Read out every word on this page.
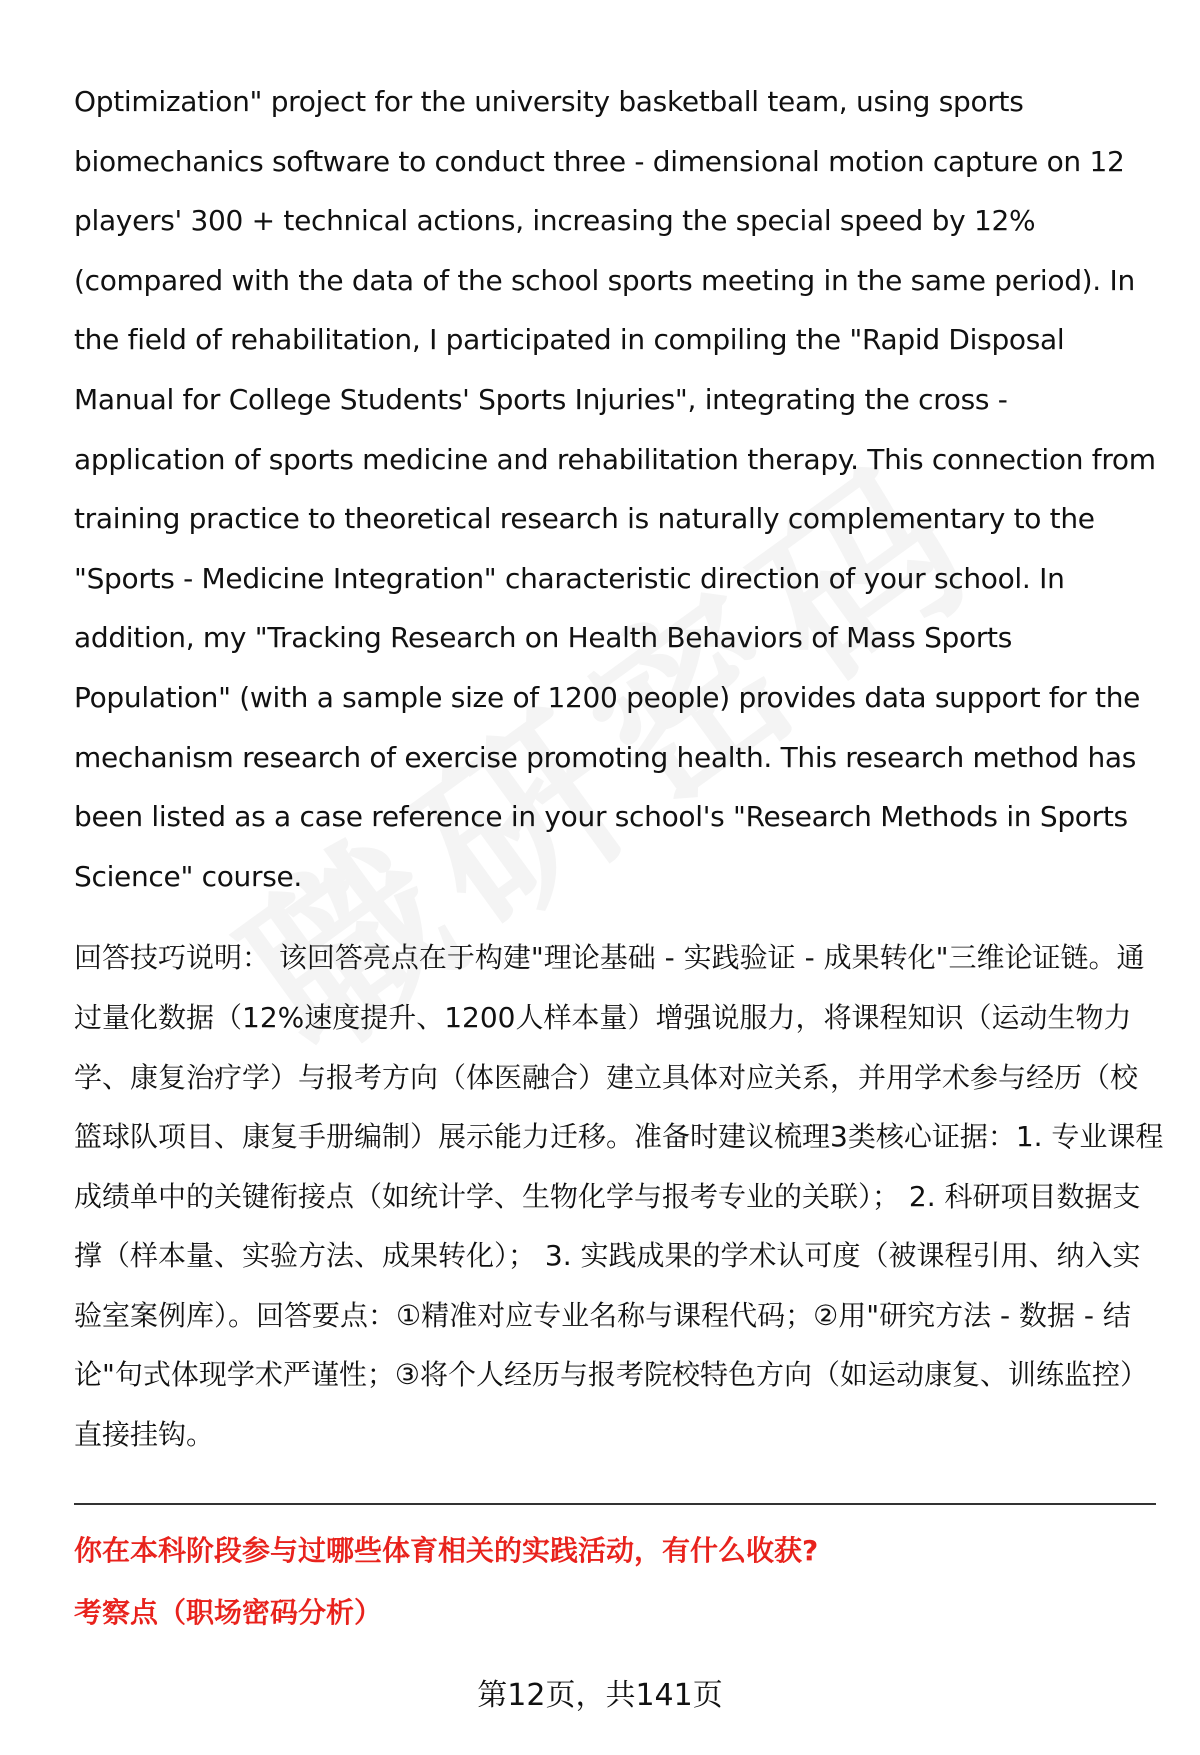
Optimization" project for the university basketball team, using sports biomechanics software to conduct three - dimensional motion capture on 12 players' 300 + technical actions, increasing the special speed by 12% (compared with the data of the school sports meeting in the same period). In the field of rehabilitation, I participated in compiling the "Rapid Disposal Manual for College Students' Sports Injuries", integrating the cross - application of sports medicine and rehabilitation therapy. This connection from training practice to theoretical research is naturally complementary to the "Sports - Medicine Integration" characteristic direction of your school. In addition, my "Tracking Research on Health Behaviors of Mass Sports Population" (with a sample size of 1200 people) provides data support for the mechanism research of exercise promoting health. This research method has been listed as a case reference in your school's "Research Methods in Sports Science" course.

回答技巧说明： 该回答亮点在于构建"理论基础 - 实践验证 - 成果转化"三维论证链。通过量化数据（12%速度提升、1200人样本量）增强说服力，将课程知识（运动生物力学、康复治疗学）与报考方向（体医融合）建立具体对应关系，并用学术参与经历（校篮球队项目、康复手册编制）展示能力迁移。准备时建议梳理3类核心证据：1. 专业课程成绩单中的关键衔接点（如统计学、生物化学与报考专业的关联）； 2. 科研项目数据支撑（样本量、实验方法、成果转化）； 3. 实践成果的学术认可度（被课程引用、纳入实验室案例库）。回答要点：①精准对应专业名称与课程代码；②用"研究方法 - 数据 - 结论"句式体现学术严谨性；③将个人经历与报考院校特色方向（如运动康复、训练监控）直接挂钩。

你在本科阶段参与过哪些体育相关的实践活动，有什么收获?
考察点（职场密码分析）
第12页，共141页
